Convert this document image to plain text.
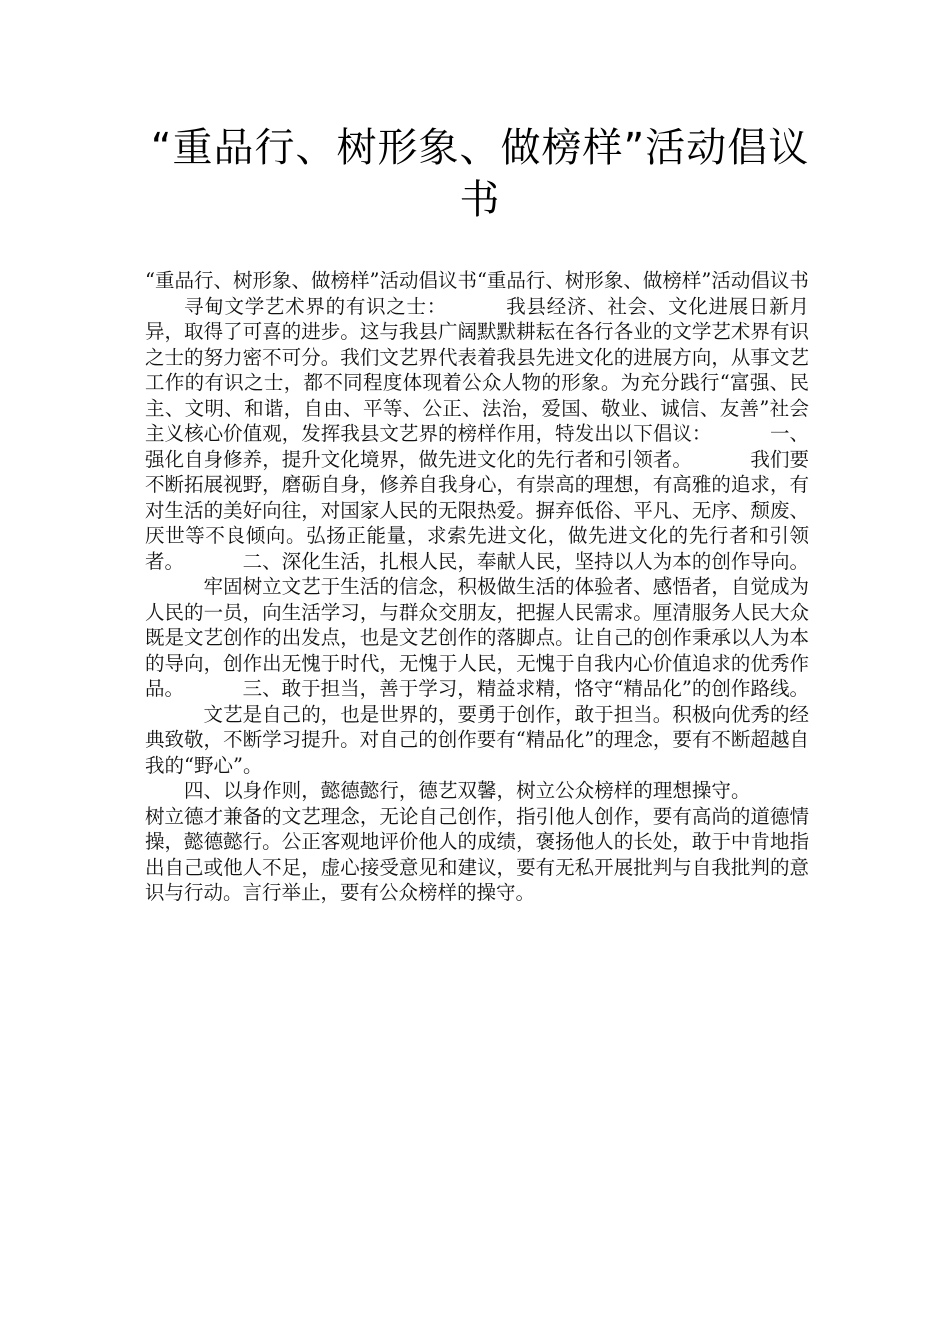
“重品行、树形象、做榜样”活动倡议书

“重品行、树形象、做榜样”活动倡议书“重品行、树形象、做榜样”活动倡议书

寻甸文学艺术界的有识之士：	我县经济、社会、文化进展日新月异，取得了可喜的进步。这与我县广阔默默耕耘在各行各业的文学艺术界有识之士的努力密不可分。我们文艺界代表着我县先进文化的进展方向，从事文艺工作的有识之士，都不同程度体现着公众人物的形象。为充分践行“富强、民主、文明、和谐，自由、平等、公正、法治，爱国、敬业、诚信、友善”社会主义核心价值观，发挥我县文艺界的榜样作用，特发出以下倡议：	一、强化自身修养，提升文化境界，做先进文化的先行者和引领者。	我们要不断拓展视野，磨砺自身，修养自我身心，有崇高的理想，有高雅的追求，有对生活的美好向往，对国家人民的无限热爱。摒弃低俗、平凡、无序、颓废、厌世等不良倾向。弘扬正能量，求索先进文化，做先进文化的先行者和引领者。	二、深化生活，扎根人民，奉献人民，坚持以人为本的创作导向。牢固树立文艺于生活的信念，积极做生活的体验者、感悟者，自觉成为人民的一员，向生活学习，与群众交朋友，把握人民需求。厘清服务人民大众既是文艺创作的出发点，也是文艺创作的落脚点。让自己的创作秉承以人为本的导向，创作出无愧于时代，无愧于人民，无愧于自我内心价值追求的优秀作品。	三、敢于担当，善于学习，精益求精，恪守“精品化”的创作路线。文艺是自己的，也是世界的，要勇于创作，敢于担当。积极向优秀的经典致敬，不断学习提升。对自己的创作要有“精品化”的理念，要有不断超越自我的“野心”。

四、以身作则，懿德懿行，德艺双馨，树立公众榜样的理想操守。树立德才兼备的文艺理念，无论自己创作，指引他人创作，要有高尚的道德情操，懿德懿行。公正客观地评价他人的成绩，褒扬他人的长处，敢于中肯地指出自己或他人不足，虚心接受意见和建议，要有无私开展批判与自我批判的意识与行动。言行举止，要有公众榜样的操守。
